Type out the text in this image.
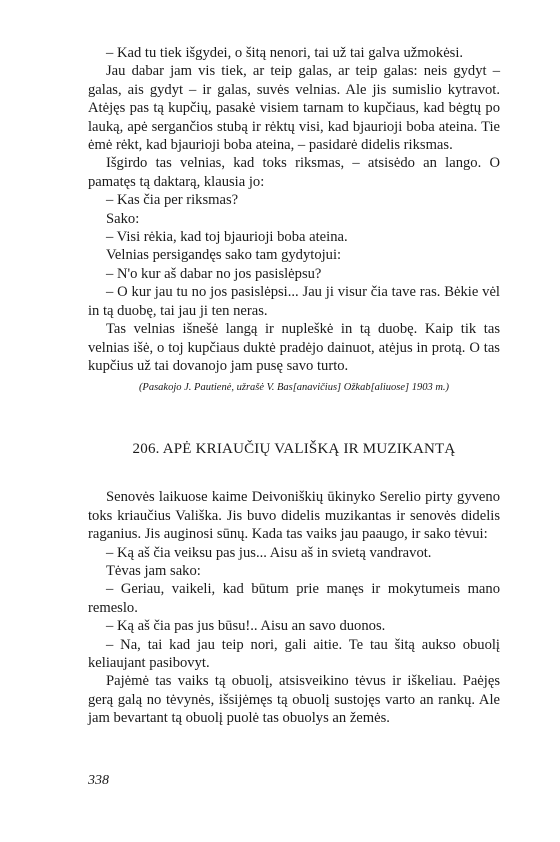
– Kad tu tiek išgydei, o šitą nenori, tai už tai galva užmokėsi.

Jau dabar jam vis tiek, ar teip galas, ar teip galas: neis gydyt – galas, ais gydyt – ir galas, suvės velnias. Ale jis sumislio kytravot. Atėjęs pas tą kupčių, pasakė visiem tarnam to kupčiaus, kad bėgtų po lauką, apė sergančios stubą ir rėktų visi, kad bjaurioji boba ateina. Tie ėmė rėkt, kad bjaurioji boba ateina, – pasidarė didelis riksmas.

Išgirdo tas velnias, kad toks riksmas, – atsisėdo an lango. O pamatęs tą daktarą, klausia jo:

– Kas čia per riksmas?

Sako:

– Visi rėkia, kad toj bjaurioji boba ateina.

Velnias persigandęs sako tam gydytojui:

– N'o kur aš dabar no jos pasislėpsu?

– O kur jau tu no jos pasislėpsi... Jau ji visur čia tave ras. Bėkie vėl in tą duobę, tai jau ji ten neras.

Tas velnias išnešė langą ir nupleškė in tą duobę. Kaip tik tas velnias išė, o toj kupčiaus duktė pradėjo dainuot, atėjus in protą. O tas kupčius už tai dovanojo jam pusę savo turto.

(Pasakojo J. Pautienė, užrašė V. Bas[anavičius] Ožkab[aliuose] 1903 m.)

206. APĖ KRIAUČIŲ VALIŠKĄ IR MUZIKANTĄ

Senovės laikuose kaime Deivoniškių ūkinyko Serelio pirty gyveno toks kriaučius Vališka. Jis buvo didelis muzikantas ir senovės didelis raganius. Jis auginosi sūnų. Kada tas vaiks jau paaugo, ir sako tėvui:

– Ką aš čia veiksu pas jus... Aisu aš in svietą vandravot.

Tėvas jam sako:

– Geriau, vaikeli, kad būtum prie manęs ir mokytumeis mano remeslo.

– Ką aš čia pas jus būsu!.. Aisu an savo duonos.

– Na, tai kad jau teip nori, gali aitie. Te tau šitą aukso obuolį keliaujant pasibovyt.

Pajėmė tas vaiks tą obuolį, atsisveikino tėvus ir iškeliau. Paėjęs gerą galą no tėvynės, išsijėmęs tą obuolį sustojęs varto an rankų. Ale jam bevartant tą obuolį puolė tas obuolys an žemės.

338
